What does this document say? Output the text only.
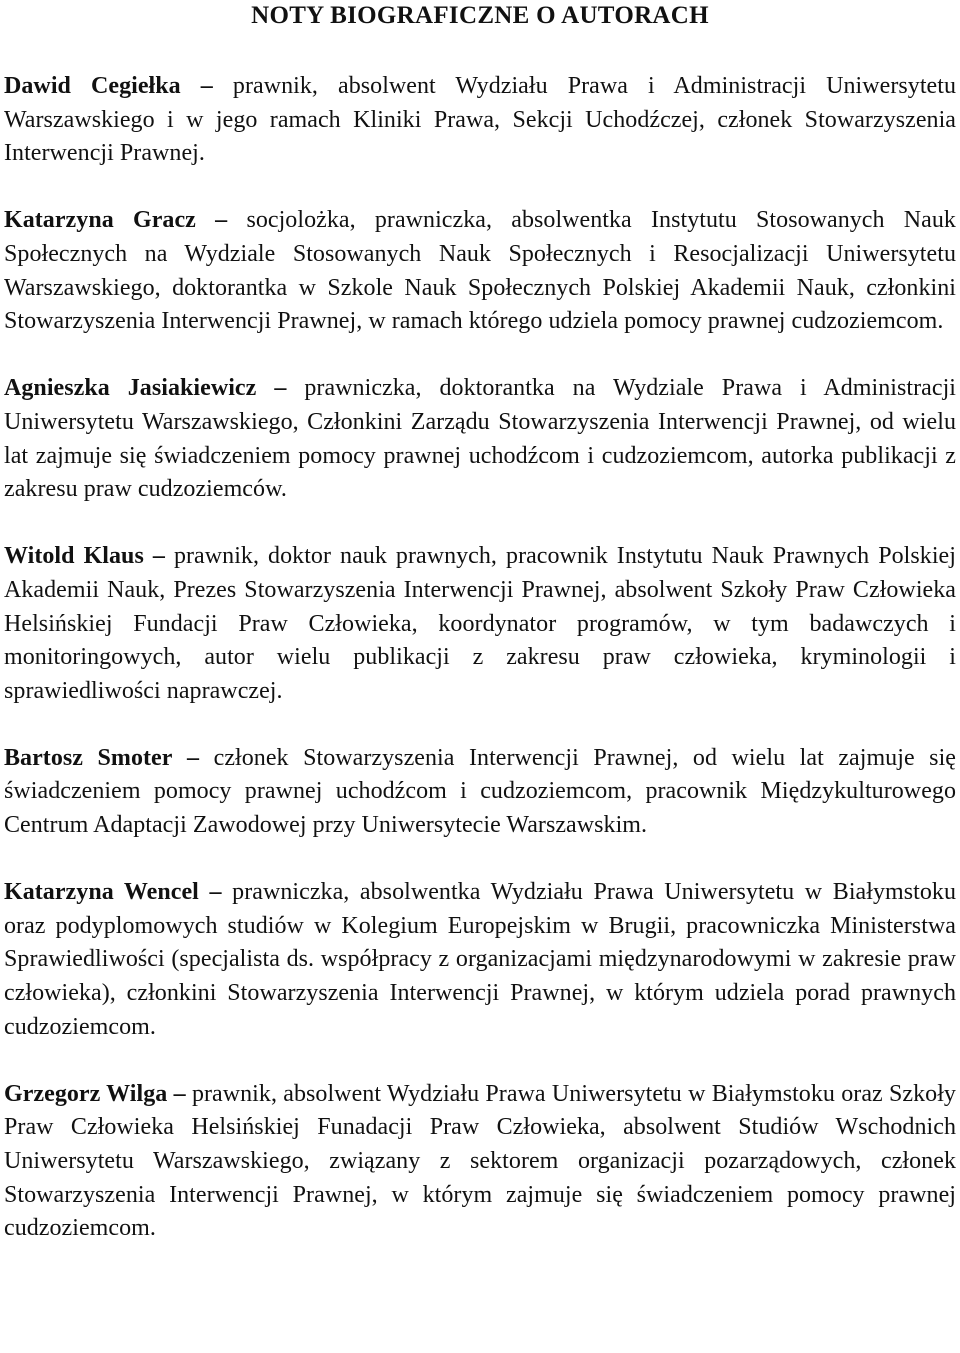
NOTY BIOGRAFICZNE O AUTORACH

Dawid Cegiełka – prawnik, absolwent Wydziału Prawa i Administracji Uniwersytetu Warszawskiego i w jego ramach Kliniki Prawa, Sekcji Uchodźczej, członek Stowarzyszenia Interwencji Prawnej.

Katarzyna Gracz – socjolożka, prawniczka, absolwentka Instytutu Stosowanych Nauk Społecznych na Wydziale Stosowanych Nauk Społecznych i Resocjalizacji Uniwersytetu Warszawskiego, doktorantka w Szkole Nauk Społecznych Polskiej Akademii Nauk, członkini Stowarzyszenia Interwencji Prawnej, w ramach którego udziela pomocy prawnej cudzoziemcom.

Agnieszka Jasiakiewicz – prawniczka, doktorantka na Wydziale Prawa i Administracji Uniwersytetu Warszawskiego, Członkini Zarządu Stowarzyszenia Interwencji Prawnej, od wielu lat zajmuje się świadczeniem pomocy prawnej uchodźcom i cudzoziemcom, autorka publikacji z zakresu praw cudzoziemców.

Witold Klaus – prawnik, doktor nauk prawnych, pracownik Instytutu Nauk Prawnych Polskiej Akademii Nauk, Prezes Stowarzyszenia Interwencji Prawnej, absolwent Szkoły Praw Człowieka Helsińskiej Fundacji Praw Człowieka, koordynator programów, w tym badawczych i monitoringowych, autor wielu publikacji z zakresu praw człowieka, kryminologii i sprawiedliwości naprawczej.

Bartosz Smoter – członek Stowarzyszenia Interwencji Prawnej, od wielu lat zajmuje się świadczeniem pomocy prawnej uchodźcom i cudzoziemcom, pracownik Międzykulturowego Centrum Adaptacji Zawodowej przy Uniwersytecie Warszawskim.

Katarzyna Wencel – prawniczka, absolwentka Wydziału Prawa Uniwersytetu w Białymstoku oraz podyplomowych studiów w Kolegium Europejskim w Brugii, pracowniczka Ministerstwa Sprawiedliwości (specjalista ds. współpracy z organizacjami międzynarodowymi w zakresie praw człowieka), członkini Stowarzyszenia Interwencji Prawnej, w którym udziela porad prawnych cudzoziemcom.

Grzegorz Wilga – prawnik, absolwent Wydziału Prawa Uniwersytetu w Białymstoku oraz Szkoły Praw Człowieka Helsińskiej Funadacji Praw Człowieka, absolwent Studiów Wschodnich Uniwersytetu Warszawskiego, związany z sektorem organizacji pozarządowych, członek Stowarzyszenia Interwencji Prawnej, w którym zajmuje się świadczeniem pomocy prawnej cudzoziemcom.
